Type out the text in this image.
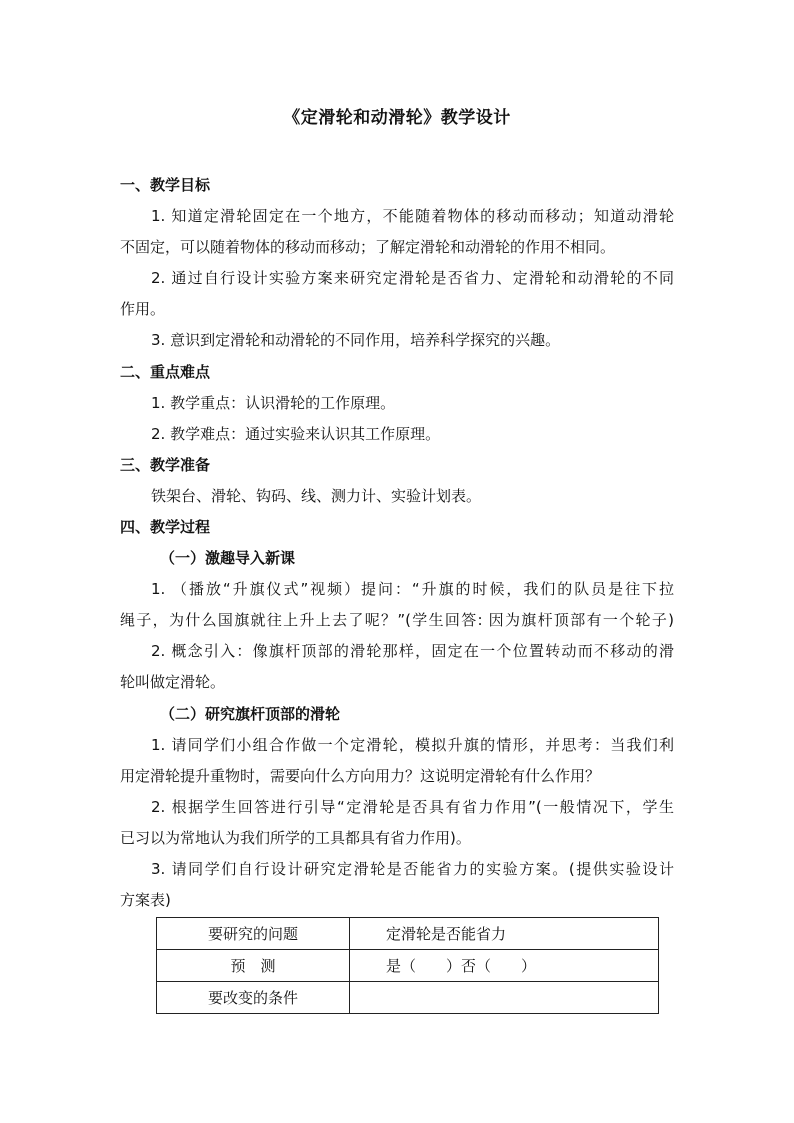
《定滑轮和动滑轮》教学设计
一、教学目标
1. 知道定滑轮固定在一个地方，不能随着物体的移动而移动；知道动滑轮
不固定，可以随着物体的移动而移动；了解定滑轮和动滑轮的作用不相同。
2. 通过自行设计实验方案来研究定滑轮是否省力、定滑轮和动滑轮的不同
作用。
3. 意识到定滑轮和动滑轮的不同作用，培养科学探究的兴趣。
二、重点难点
1. 教学重点：认识滑轮的工作原理。
2. 教学难点：通过实验来认识其工作原理。
三、教学准备
铁架台、滑轮、钩码、线、测力计、实验计划表。
四、教学过程
（一）激趣导入新课
1. （播放“升旗仪式”视频）提问：“升旗的时候，我们的队员是往下拉
绳子，为什么国旗就往上升上去了呢？”(学生回答: 因为旗杆顶部有一个轮子)
2. 概念引入：像旗杆顶部的滑轮那样，固定在一个位置转动而不移动的滑
轮叫做定滑轮。
（二）研究旗杆顶部的滑轮
1. 请同学们小组合作做一个定滑轮，模拟升旗的情形，并思考：当我们利
用定滑轮提升重物时，需要向什么方向用力？这说明定滑轮有什么作用？
2. 根据学生回答进行引导“定滑轮是否具有省力作用”(一般情况下，学生
已习以为常地认为我们所学的工具都具有省力作用)。
3. 请同学们自行设计研究定滑轮是否能省力的实验方案。(提供实验设计
方案表)
要研究的问题	定滑轮是否能省力
预　测	是（　　）否（　　）
要改变的条件	
